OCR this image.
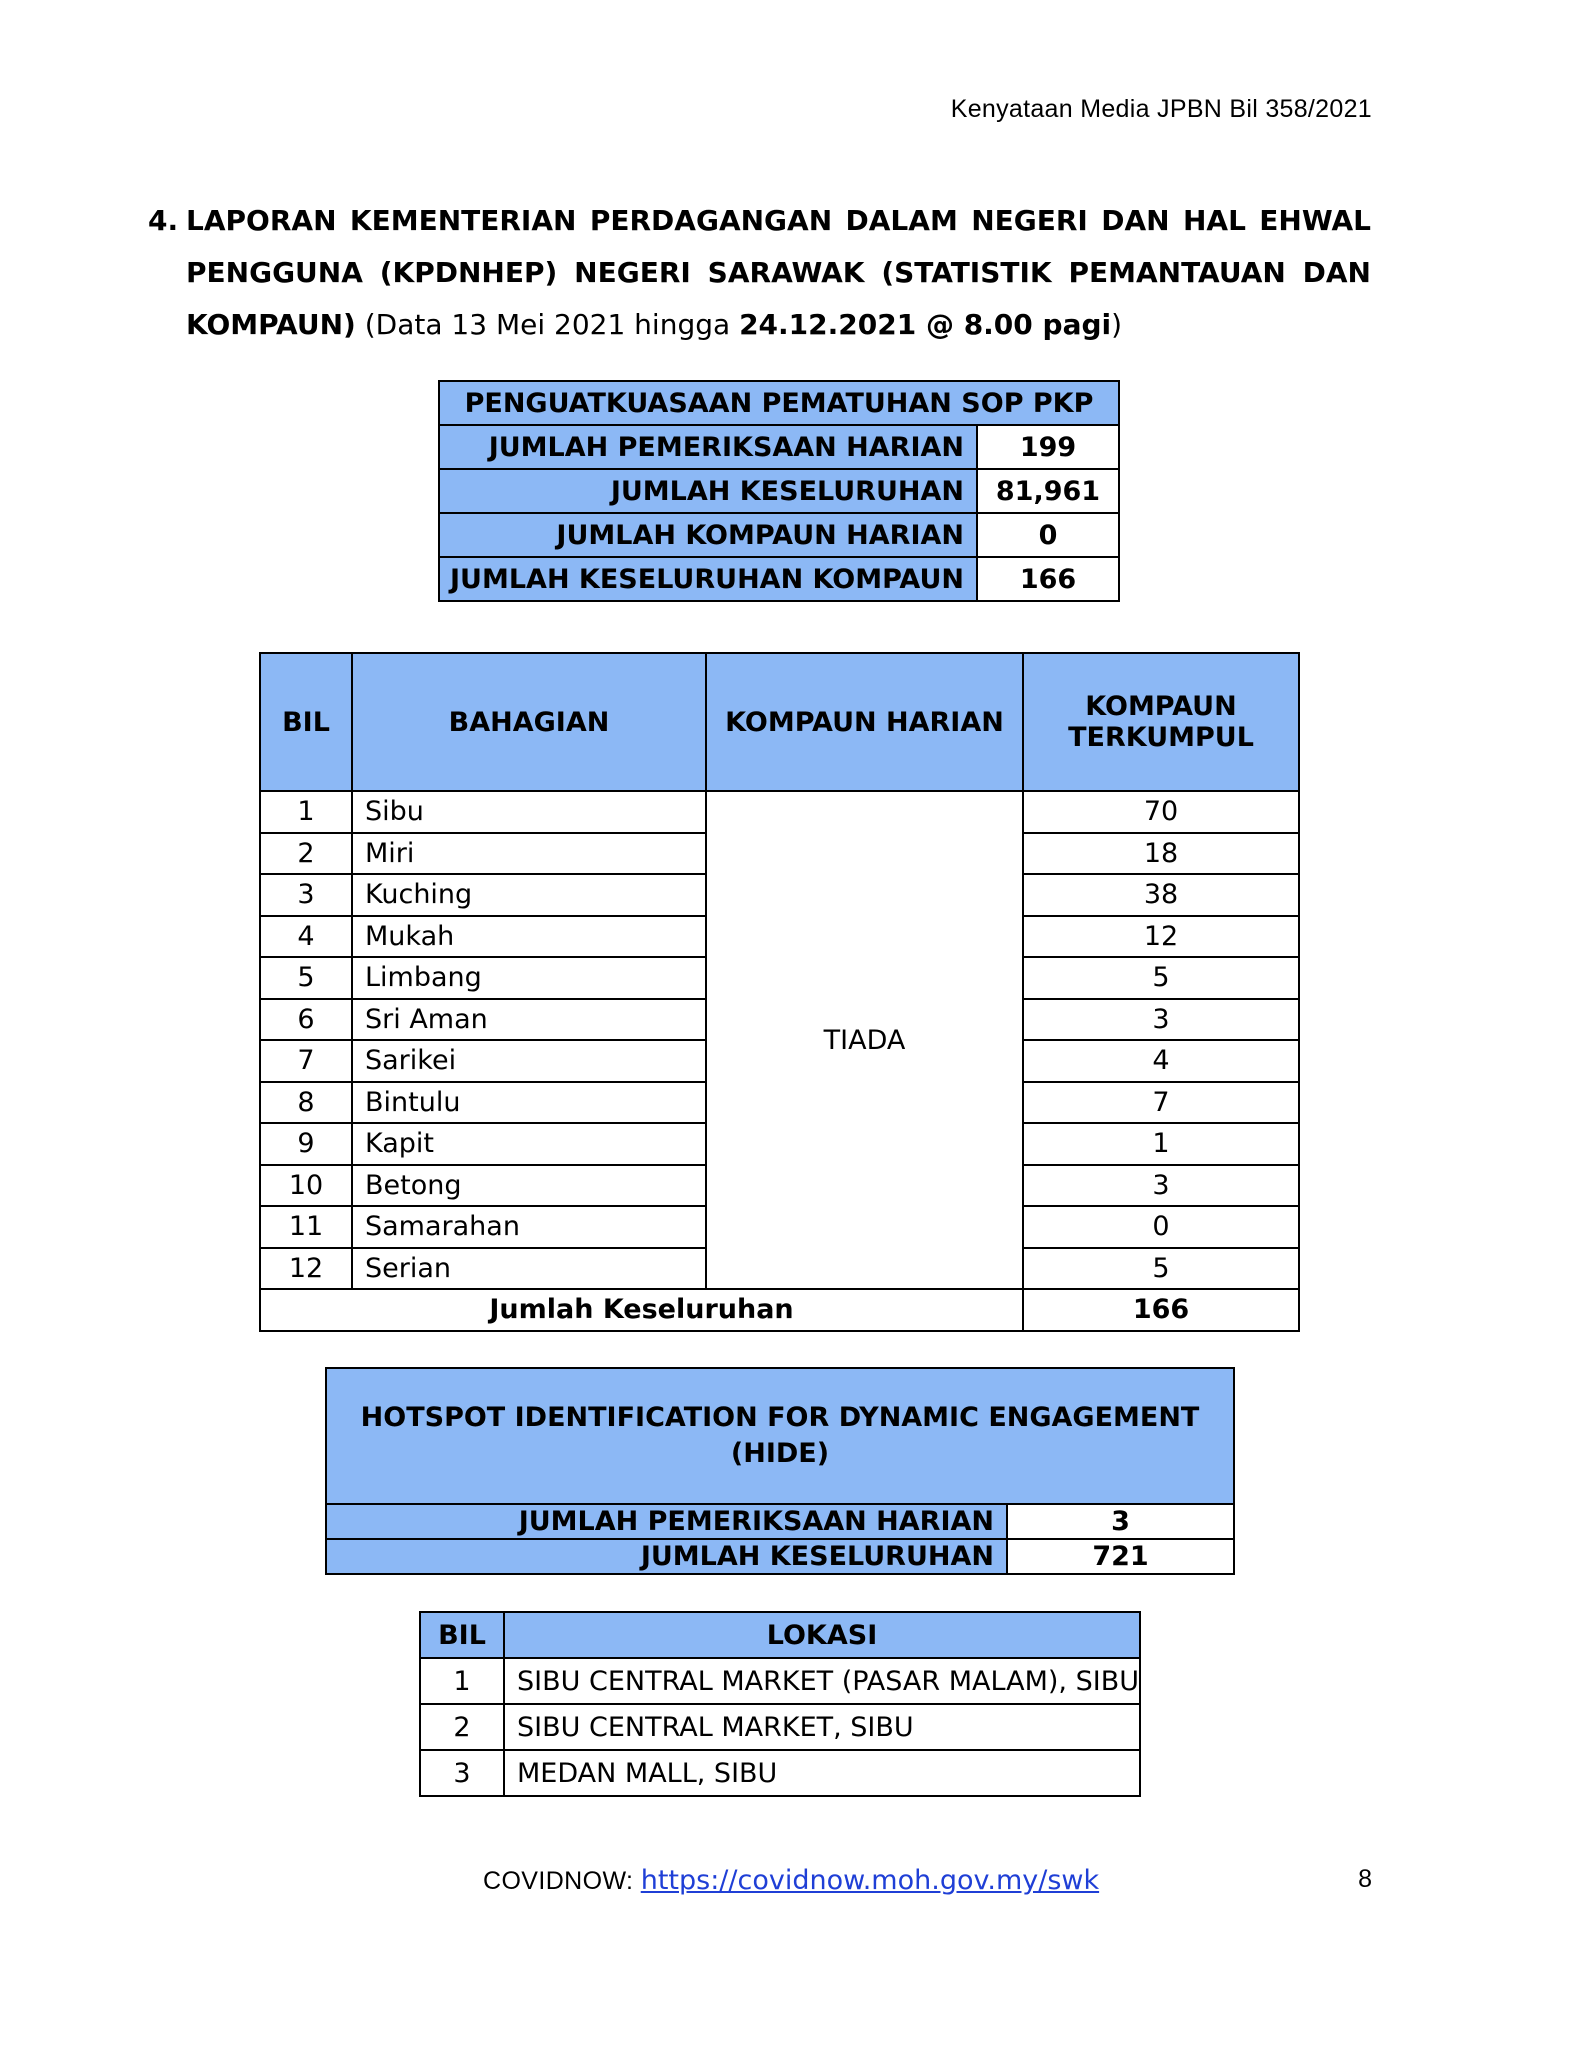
Kenyataan Media JPBN Bil 358/2021
4. LAPORAN KEMENTERIAN PERDAGANGAN DALAM NEGERI DAN HAL EHWAL
PENGGUNA (KPDNHEP) NEGERI SARAWAK (STATISTIK PEMANTAUAN DAN
KOMPAUN) (Data 13 Mei 2021 hingga 24.12.2021 @ 8.00 pagi)
PENGUATKUASAAN PEMATUHAN SOP PKP	
JUMLAH PEMERIKSAAN HARIAN	199
JUMLAH KESELURUHAN	81,961
JUMLAH KOMPAUN HARIAN	0
JUMLAH KESELURUHAN KOMPAUN	166
BIL	BAHAGIAN	KOMPAUN HARIAN	KOMPAUN TERKUMPUL
1	Sibu	TIADA	70
2	Miri		18
3	Kuching		38
4	Mukah		12
5	Limbang		5
6	Sri Aman		3
7	Sarikei		4
8	Bintulu		7
9	Kapit		1
10	Betong		3
11	Samarahan		0
12	Serian		5
Jumlah Keseluruhan			166
HOTSPOT IDENTIFICATION FOR DYNAMIC ENGAGEMENT
(HIDE)	
JUMLAH PEMERIKSAAN HARIAN	3
JUMLAH KESELURUHAN	721
BIL	LOKASI
1	SIBU CENTRAL MARKET (PASAR MALAM), SIBU
2	SIBU CENTRAL MARKET, SIBU
3	MEDAN MALL, SIBU
COVIDNOW: https://covidnow.moh.gov.my/swk	8
